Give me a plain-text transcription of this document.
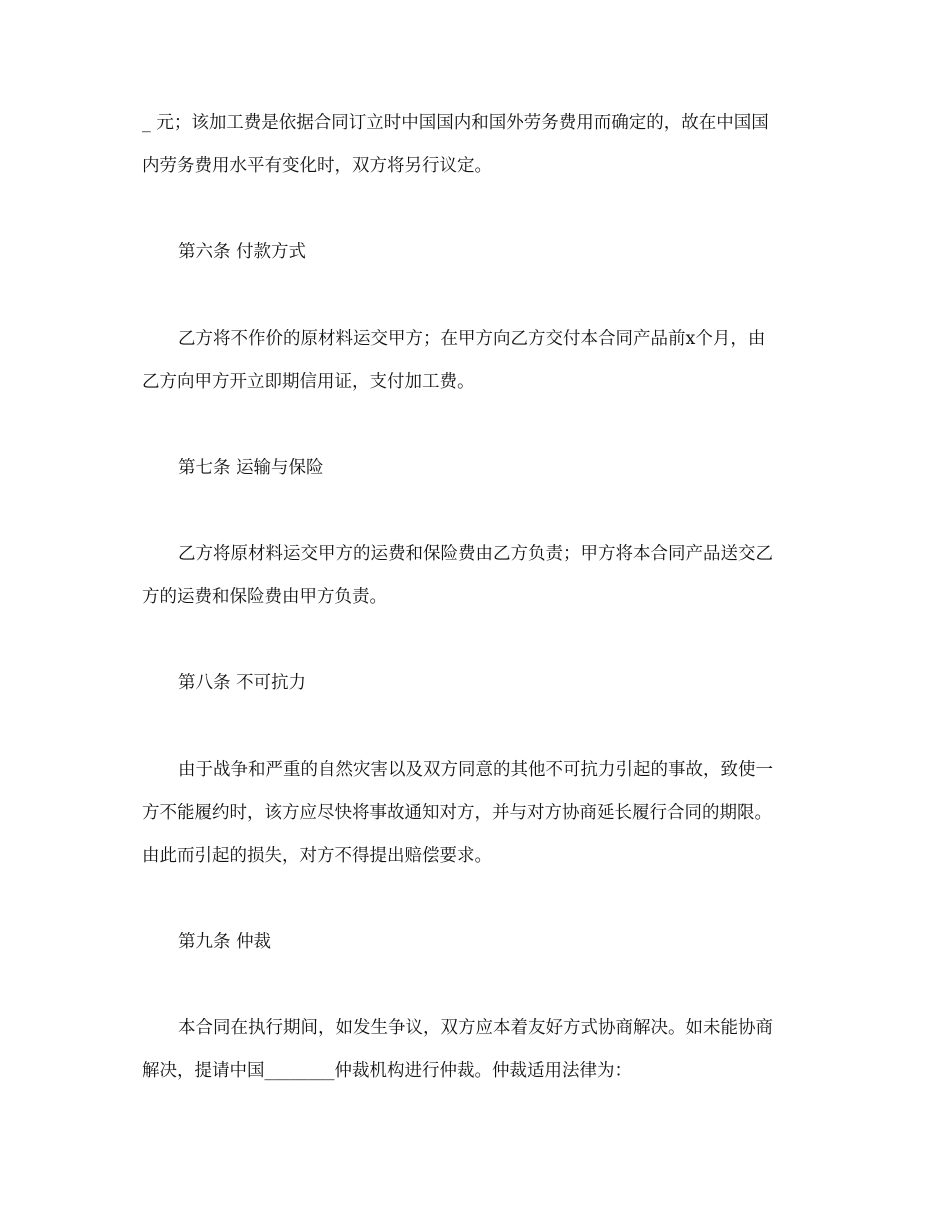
_ 元；该加工费是依据合同订立时中国国内和国外劳务费用而确定的，故在中国国
内劳务费用水平有变化时，双方将另行议定。
第六条 付款方式
乙方将不作价的原材料运交甲方；在甲方向乙方交付本合同产品前x个月，由
乙方向甲方开立即期信用证，支付加工费。
第七条 运输与保险
乙方将原材料运交甲方的运费和保险费由乙方负责；甲方将本合同产品送交乙
方的运费和保险费由甲方负责。
第八条 不可抗力
由于战争和严重的自然灾害以及双方同意的其他不可抗力引起的事故，致使一
方不能履约时，该方应尽快将事故通知对方，并与对方协商延长履行合同的期限。
由此而引起的损失，对方不得提出赔偿要求。
第九条 仲裁
本合同在执行期间，如发生争议，双方应本着友好方式协商解决。如未能协商
解决，提请中国________仲裁机构进行仲裁。仲裁适用法律为：
